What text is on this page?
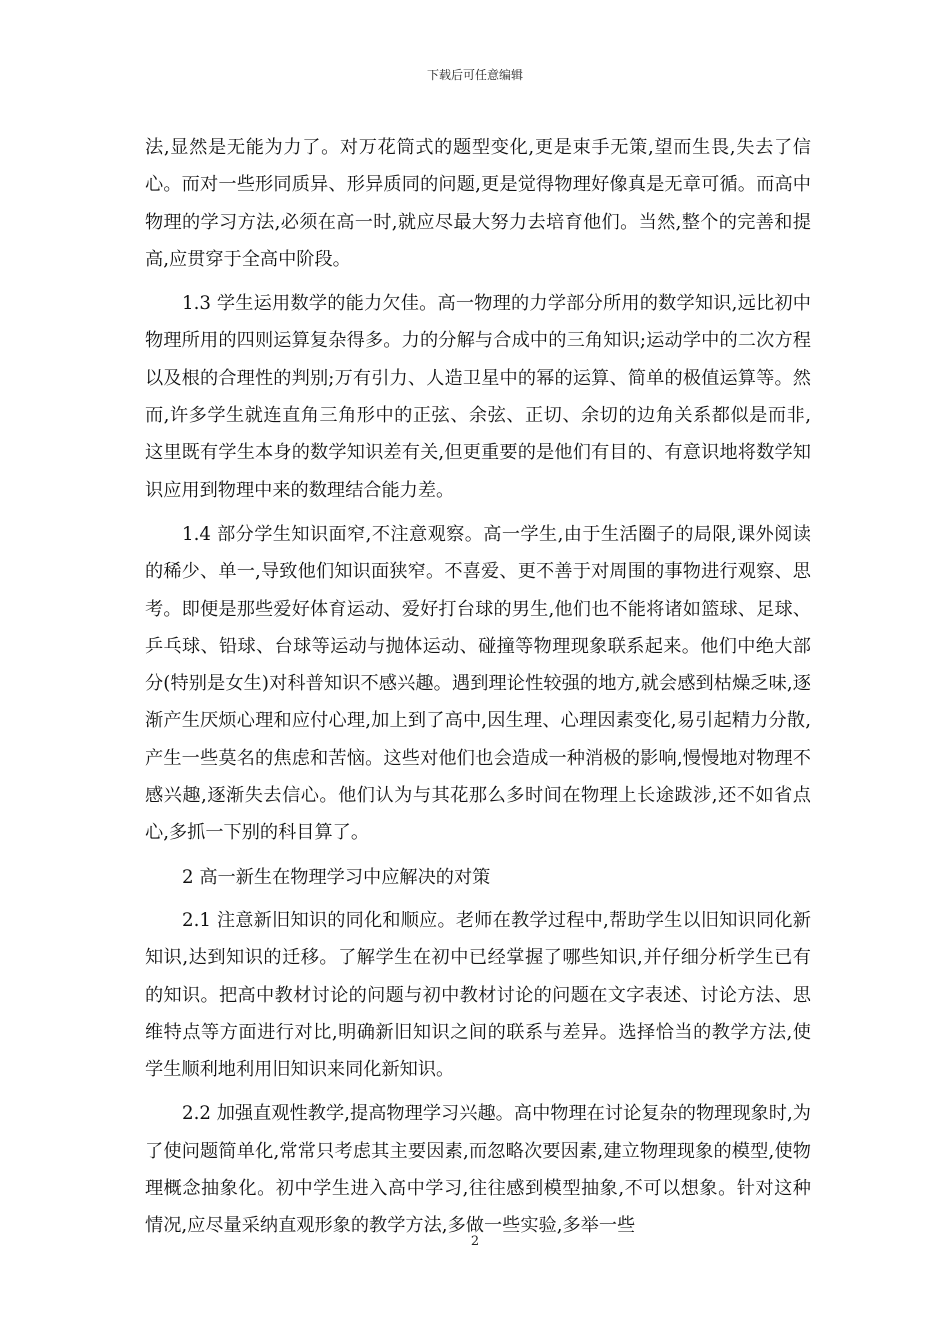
下载后可任意编辑

法,显然是无能为力了。对万花筒式的题型变化,更是束手无策,望而生畏,失去了信心。而对一些形同质异、形异质同的问题,更是觉得物理好像真是无章可循。而高中物理的学习方法,必须在高一时,就应尽最大努力去培育他们。当然,整个的完善和提高,应贯穿于全高中阶段。

1.3 学生运用数学的能力欠佳。高一物理的力学部分所用的数学知识,远比初中物理所用的四则运算复杂得多。力的分解与合成中的三角知识;运动学中的二次方程以及根的合理性的判别;万有引力、人造卫星中的幂的运算、简单的极值运算等。然而,许多学生就连直角三角形中的正弦、余弦、正切、余切的边角关系都似是而非,这里既有学生本身的数学知识差有关,但更重要的是他们有目的、有意识地将数学知识应用到物理中来的数理结合能力差。

1.4 部分学生知识面窄,不注意观察。高一学生,由于生活圈子的局限,课外阅读的稀少、单一,导致他们知识面狭窄。不喜爱、更不善于对周围的事物进行观察、思考。即便是那些爱好体育运动、爱好打台球的男生,他们也不能将诸如篮球、足球、乒乓球、铅球、台球等运动与抛体运动、碰撞等物理现象联系起来。他们中绝大部分(特别是女生)对科普知识不感兴趣。遇到理论性较强的地方,就会感到枯燥乏味,逐渐产生厌烦心理和应付心理,加上到了高中,因生理、心理因素变化,易引起精力分散,产生一些莫名的焦虑和苦恼。这些对他们也会造成一种消极的影响,慢慢地对物理不感兴趣,逐渐失去信心。他们认为与其花那么多时间在物理上长途跋涉,还不如省点心,多抓一下别的科目算了。

2 高一新生在物理学习中应解决的对策

2.1 注意新旧知识的同化和顺应。老师在教学过程中,帮助学生以旧知识同化新知识,达到知识的迁移。了解学生在初中已经掌握了哪些知识,并仔细分析学生已有的知识。把高中教材讨论的问题与初中教材讨论的问题在文字表述、讨论方法、思维特点等方面进行对比,明确新旧知识之间的联系与差异。选择恰当的教学方法,使学生顺利地利用旧知识来同化新知识。

2.2 加强直观性教学,提高物理学习兴趣。高中物理在讨论复杂的物理现象时,为了使问题简单化,常常只考虑其主要因素,而忽略次要因素,建立物理现象的模型,使物理概念抽象化。初中学生进入高中学习,往往感到模型抽象,不可以想象。针对这种情况,应尽量采纳直观形象的教学方法,多做一些实验,多举一些

2
